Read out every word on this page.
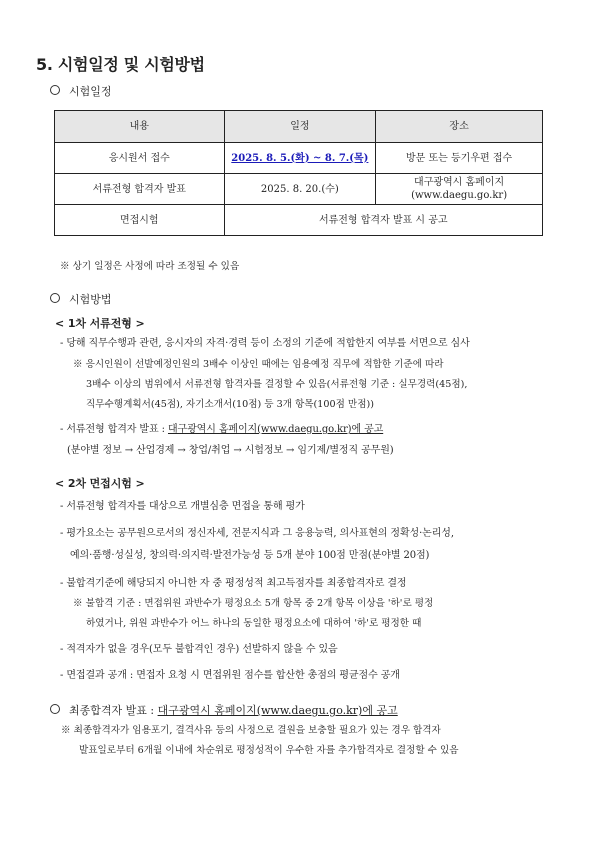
5. 시험일정 및 시험방법
시험일정
내용	일정	장소
응시원서 접수	2025. 8. 5.(화) ~ 8. 7.(목)	방문 또는 등기우편 접수
서류전형 합격자 발표	2025. 8. 20.(수)	대구광역시 홈페이지
(www.daegu.go.kr)

면접시험	서류전형 합격자 발표 시 공고	
※ 상기 일정은 사정에 따라 조정될 수 있음
시험방법
< 1차 서류전형 >
- 당해 직무수행과 관련, 응시자의 자격·경력 등이 소정의 기준에 적합한지 여부를 서면으로 심사
※ 응시인원이 선발예정인원의 3배수 이상인 때에는 임용예정 직무에 적합한 기준에 따라
3배수 이상의 범위에서 서류전형 합격자를 결정할 수 있음(서류전형 기준 : 실무경력(45점),
직무수행계획서(45점), 자기소개서(10점) 등 3개 항목(100점 만점))
- 서류전형 합격자 발표 : 대구광역시 홈페이지(www.daegu.go.kr)에 공고
(분야별 정보 → 산업경제 → 창업/취업 → 시험정보 → 임기제/별정직 공무원)
< 2차 면접시험 >
- 서류전형 합격자를 대상으로 개별심층 면접을 통해 평가
- 평가요소는 공무원으로서의 정신자세, 전문지식과 그 응용능력, 의사표현의 정확성·논리성,
예의·품행·성실성, 창의력·의지력·발전가능성 등 5개 분야 100점 만점(분야별 20점)
- 불합격기준에 해당되지 아니한 자 중 평정성적 최고득점자를 최종합격자로 결정
※ 불합격 기준 : 면접위원 과반수가 평정요소 5개 항목 중 2개 항목 이상을 '하'로 평정
하였거나, 위원 과반수가 어느 하나의 동일한 평정요소에 대하여 '하'로 평정한 때
- 적격자가 없을 경우(모두 불합격인 경우) 선발하지 않을 수 있음
- 면접결과 공개 : 면접자 요청 시 면접위원 점수를 합산한 총점의 평균점수 공개
최종합격자 발표 : 대구광역시 홈페이지(www.daegu.go.kr)에 공고
※ 최종합격자가 임용포기, 결격사유 등의 사정으로 결원을 보충할 필요가 있는 경우 합격자
발표일로부터 6개월 이내에 차순위로 평정성적이 우수한 자를 추가합격자로 결정할 수 있음
